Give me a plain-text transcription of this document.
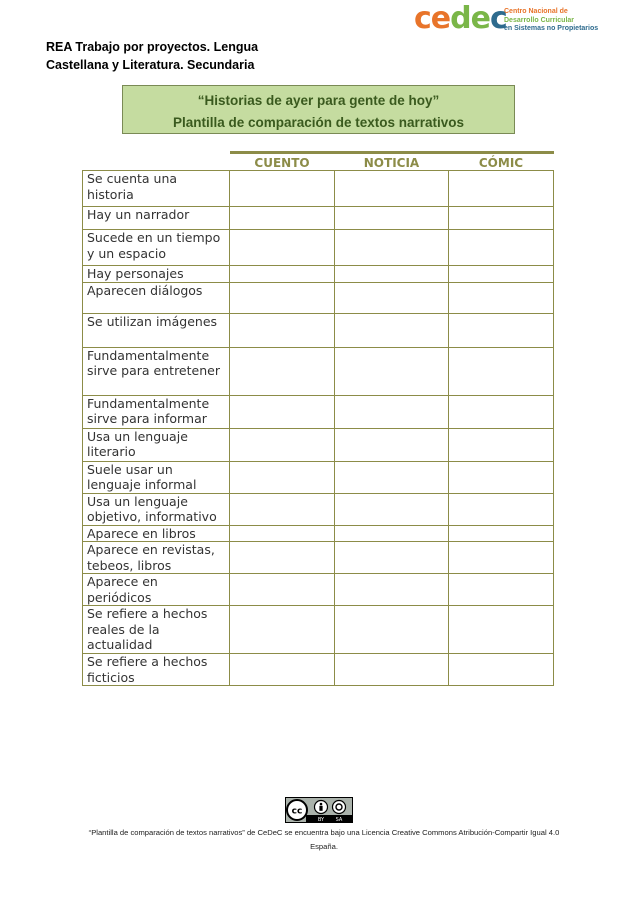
REA Trabajo por proyectos. Lengua
Castellana y Literatura. Secundaria
cedec
Centro Nacional de
Desarrollo Curricular
en Sistemas no Propietarios
“Historias de ayer para gente de hoy”
Plantilla de comparación de textos narrativos
	CUENTO	NOTICIA	CÓMIC
Se cuenta una historia			
Hay un narrador			
Sucede en un tiempo y un espacio			
Hay personajes			
Aparecen diálogos			
Se utilizan imágenes			
Fundamentalmente sirve para entretener			
Fundamentalmente sirve para informar			
Usa un lenguaje literario			
Suele usar un lenguaje informal			
Usa un lenguaje objetivo, informativo			
Aparece en libros			
Aparece en revistas, tebeos, libros			
Aparece en periódicos			
Se refiere a hechos reales de la actualidad			
Se refiere a hechos ficticios			
cc
BY SA
“Plantilla de comparación de textos narrativos” de CeDeC se encuentra bajo una Licencia Creative Commons Atribución-Compartir Igual 4.0
España.
